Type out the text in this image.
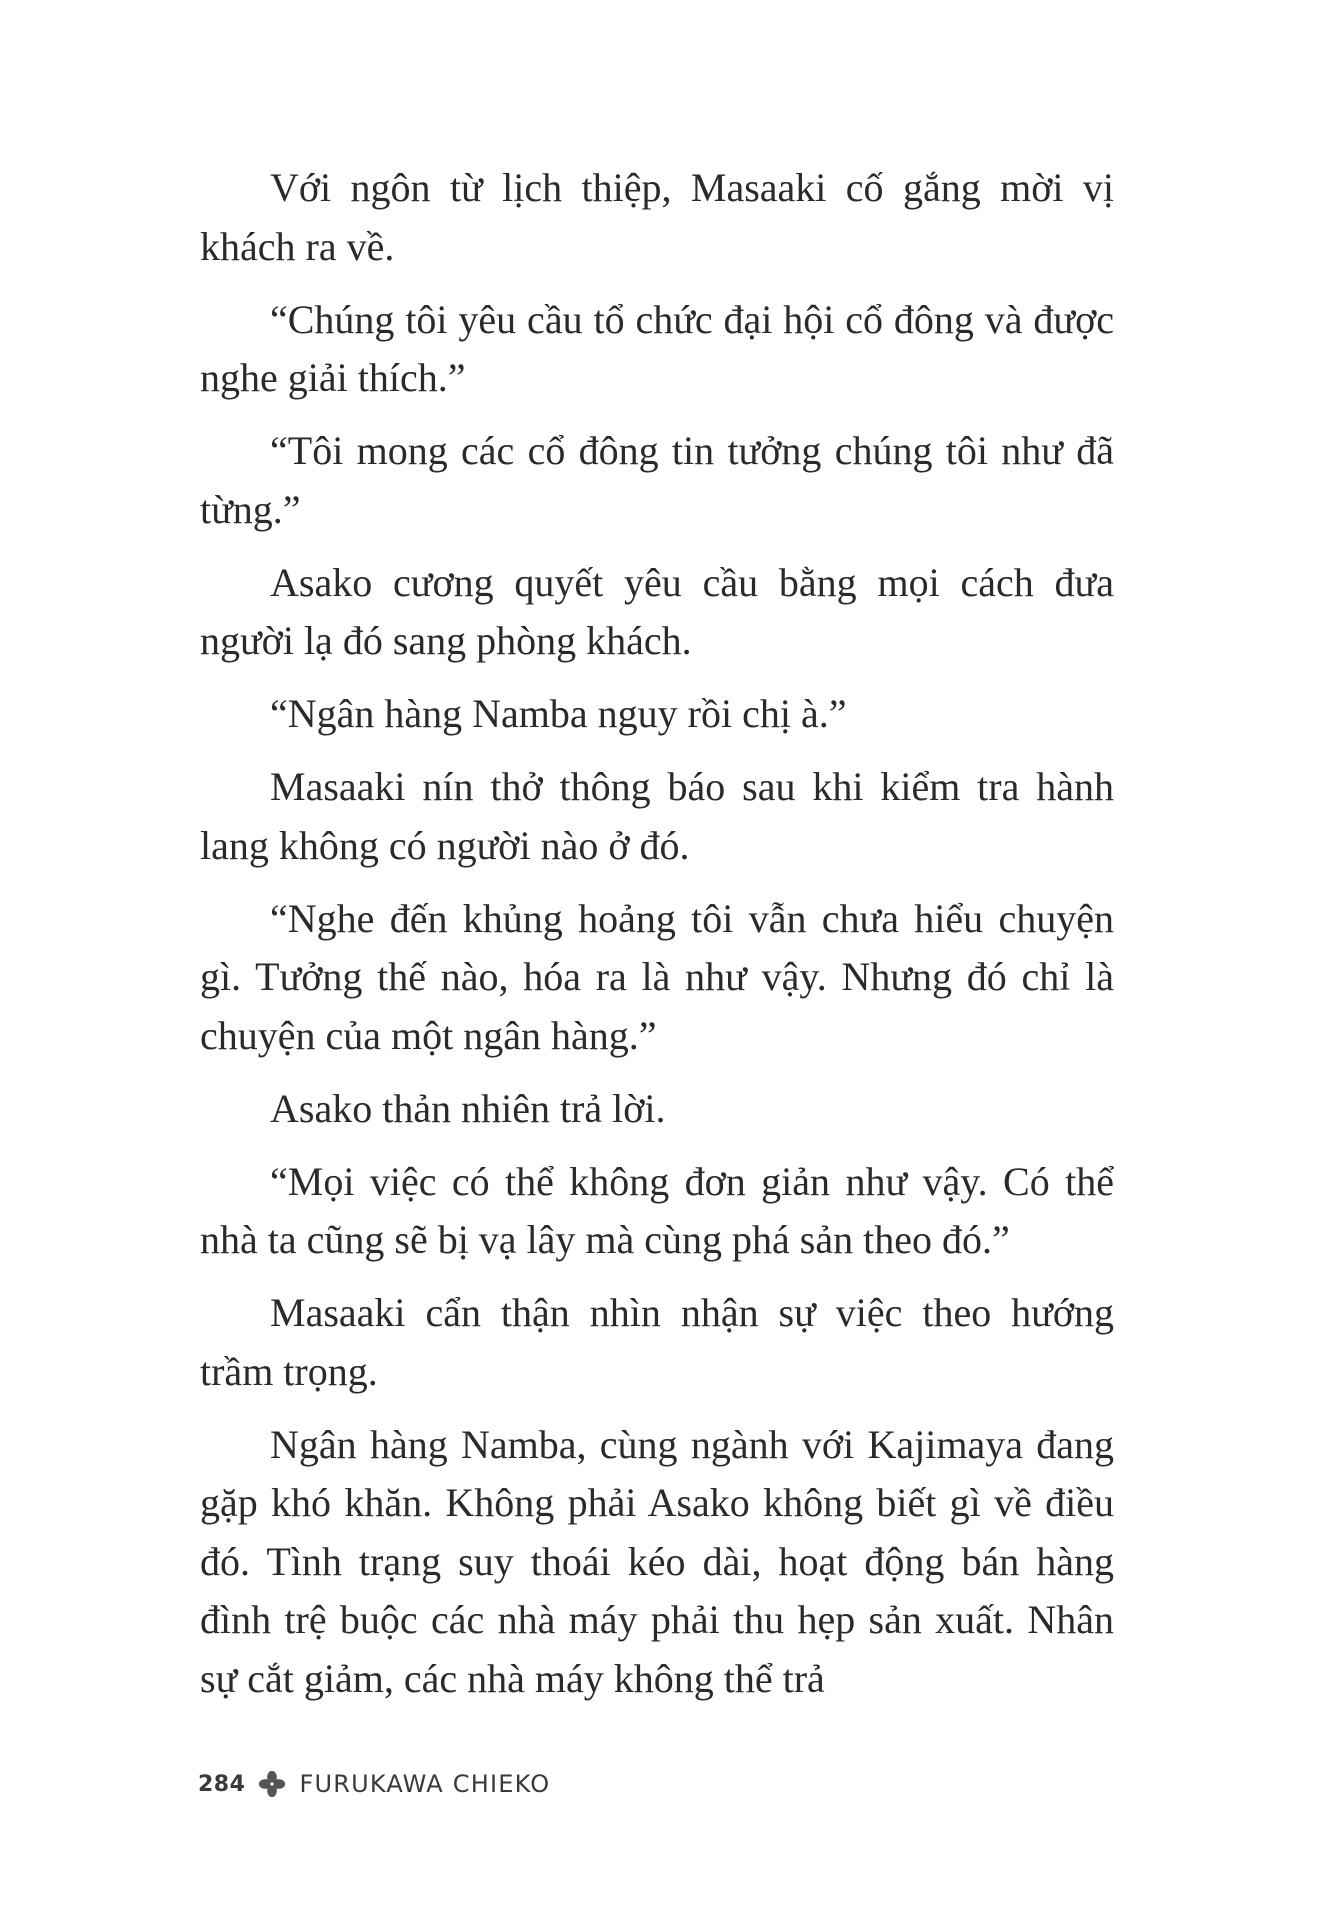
Với ngôn từ lịch thiệp, Masaaki cố gắng mời vị khách ra về.

“Chúng tôi yêu cầu tổ chức đại hội cổ đông và được nghe giải thích.”

“Tôi mong các cổ đông tin tưởng chúng tôi như đã từng.”

Asako cương quyết yêu cầu bằng mọi cách đưa người lạ đó sang phòng khách.

“Ngân hàng Namba nguy rồi chị à.”

Masaaki nín thở thông báo sau khi kiểm tra hành lang không có người nào ở đó.

“Nghe đến khủng hoảng tôi vẫn chưa hiểu chuyện gì. Tưởng thế nào, hóa ra là như vậy. Nhưng đó chỉ là chuyện của một ngân hàng.”

Asako thản nhiên trả lời.

“Mọi việc có thể không đơn giản như vậy. Có thể nhà ta cũng sẽ bị vạ lây mà cùng phá sản theo đó.”

Masaaki cẩn thận nhìn nhận sự việc theo hướng trầm trọng.

Ngân hàng Namba, cùng ngành với Kajimaya đang gặp khó khăn. Không phải Asako không biết gì về điều đó. Tình trạng suy thoái kéo dài, hoạt động bán hàng đình trệ buộc các nhà máy phải thu hẹp sản xuất. Nhân sự cắt giảm, các nhà máy không thể trả

284 FURUKAWA CHIEKO
